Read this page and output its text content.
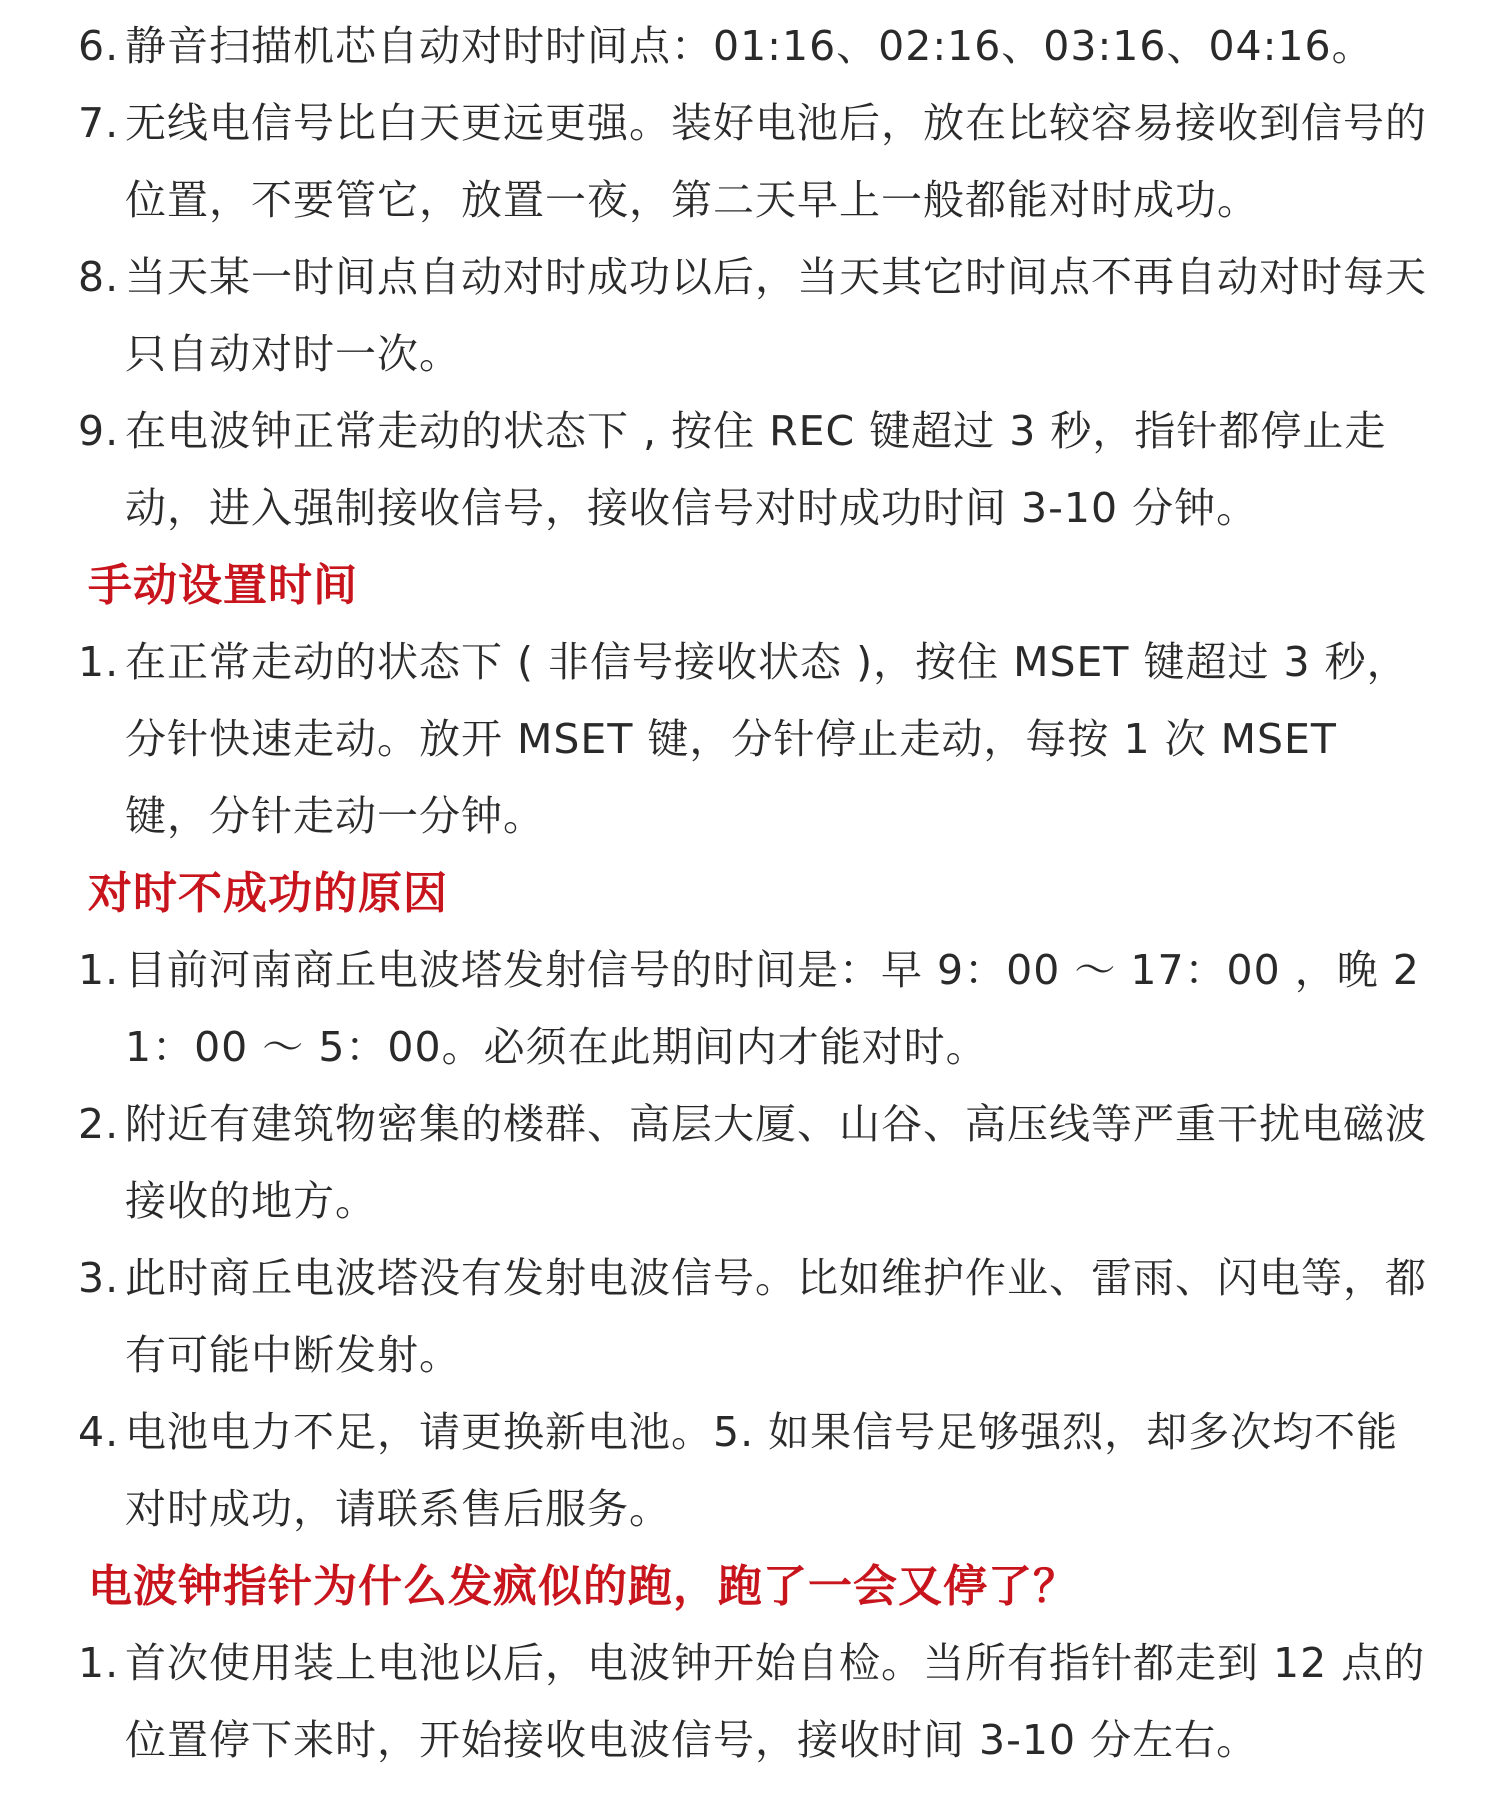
6. 静音扫描机芯自动对时时间点：01:16、02:16、03:16、04:16。

7. 无线电信号比白天更远更强。装好电池后，放在比较容易接收到信号的位置，不要管它，放置一夜，第二天早上一般都能对时成功。

8. 当天某一时间点自动对时成功以后，当天其它时间点不再自动对时每天只自动对时一次。

9. 在电波钟正常走动的状态下 , 按住 REC 键超过 3 秒，指针都停止走动，进入强制接收信号，接收信号对时成功时间 3-10 分钟。

手动设置时间

1. 在正常走动的状态下 ( 非信号接收状态 )，按住 MSET 键超过 3 秒，分针快速走动。放开 MSET 键，分针停止走动，每按 1 次 MSET 键，分针走动一分钟。

对时不成功的原因

1. 目前河南商丘电波塔发射信号的时间是：早 9：00 ～ 17：00 ，晚 21：00 ～ 5：00。必须在此期间内才能对时。

2. 附近有建筑物密集的楼群、高层大厦、山谷、高压线等严重干扰电磁波接收的地方。

3. 此时商丘电波塔没有发射电波信号。比如维护作业、雷雨、闪电等，都有可能中断发射。

4. 电池电力不足，请更换新电池。5. 如果信号足够强烈，却多次均不能对时成功，请联系售后服务。

电波钟指针为什么发疯似的跑，跑了一会又停了？

1. 首次使用装上电池以后，电波钟开始自检。当所有指针都走到 12 点的位置停下来时，开始接收电波信号，接收时间 3-10 分左右。
